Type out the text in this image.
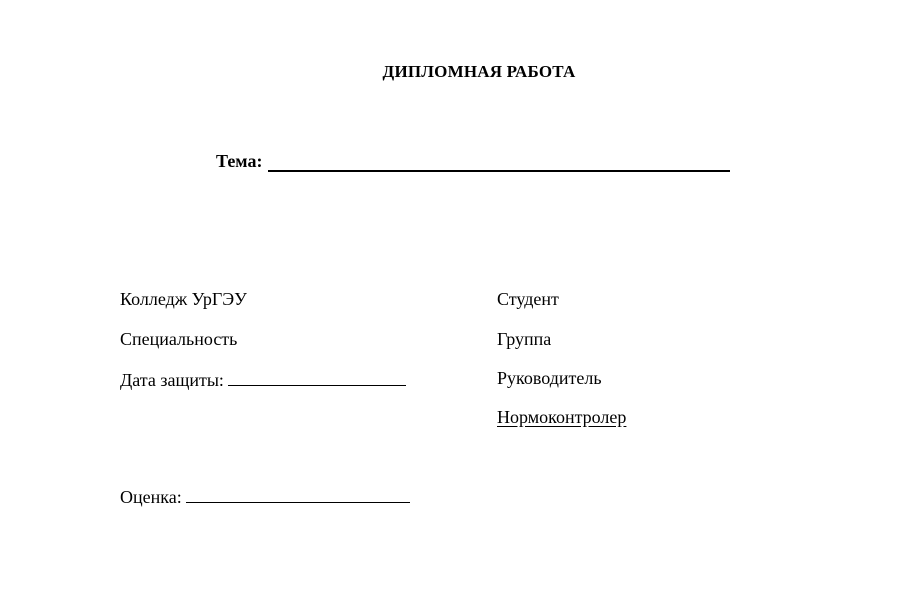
ДИПЛОМНАЯ РАБОТА
Тема:
Колледж УрГЭУ
Специальность
Дата защиты:
Студент
Группа
Руководитель
Нормоконтролер
Оценка:
